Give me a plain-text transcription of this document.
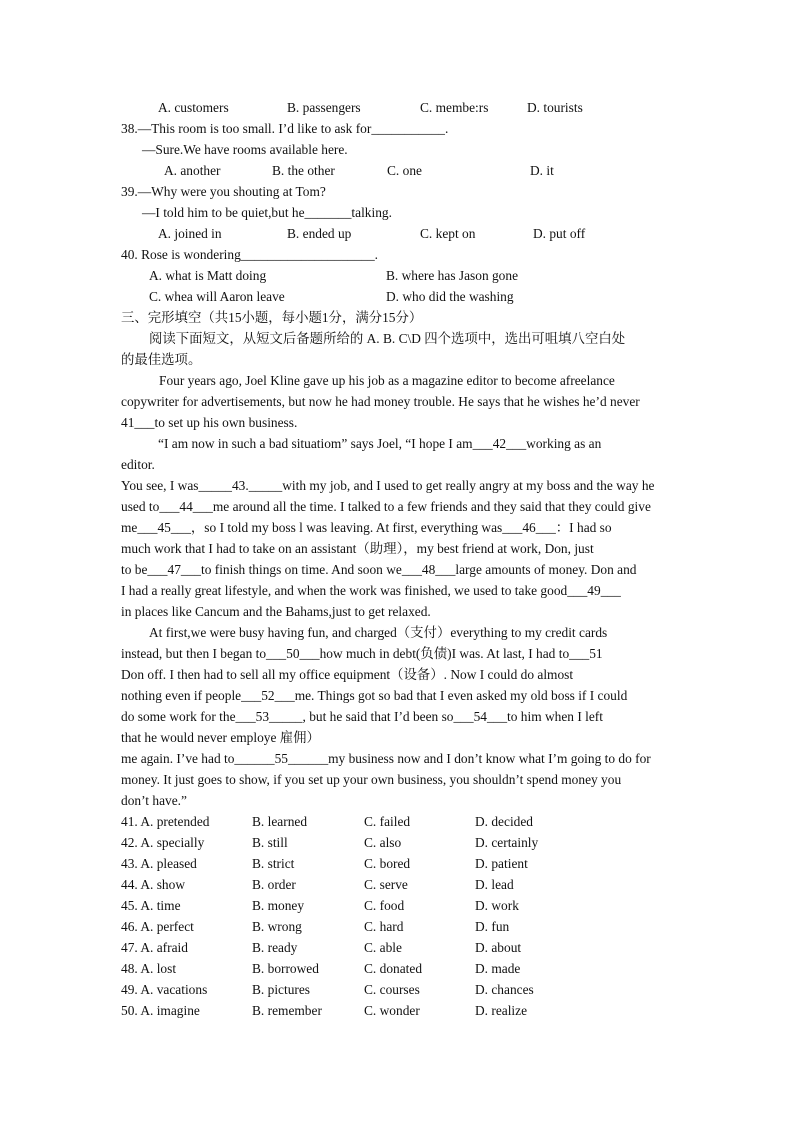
A. customers	B. passengers	C. membe:rs	D. tourists
38.—This room is too small. I’d like to ask for___________.
—Sure.We have rooms available here.
A. another	B. the other	C. one	D. it
39.—Why were you shouting at Tom?
—I told him to be quiet,but he_______talking.
A. joined in	B. ended up	C. kept on	D. put off
40. Rose is wondering____________________.
A. what is Matt doing	B. where has Jason gone
C. whea will Aaron leave	D. who did the washing
三、完形填空（共15小题，每小题1分，满分15分）
阅读下面短文，从短文后备题所给的 A. B. C\D 四个选项中，选出可咀填八空白处
的最佳选项。
Four years ago, Joel Kline gave up his job as a magazine editor to become afreelance
copywriter for advertisements, but now he had money trouble. He says that he wishes he’d never
41___to set up his own business.
“I am now in such a bad situatiom” says Joel, “I hope I am___42___working as an
editor.
You see, I was_____43._____with my job, and I used to get really angry at my boss and the way he
used to___44___me around all the time. I talked to a few friends and they said that they could give
me___45___，so I told my boss l was leaving. At first, everything was___46___：I had so
much work that I had to take on an assistant（助理），my best friend at work, Don, just
to be___47___to finish things on time. And soon we___48___large amounts of money. Don and
I had a really great lifestyle, and when the work was finished, we used to take good___49___
in places like Cancum and the Bahams,just to get relaxed.
At first,we were busy having fun, and charged（支付）everything to my credit cards
instead, but then I began to___50___how much in debt(负债)I was. At last, I had to___51
Don off. I then had to sell all my office equipment（设备）. Now I could do almost
nothing even if people___52___me. Things got so bad that I even asked my old boss if I could
do some work for the___53_____, but he said that I’d been so___54___to him when I left
that he would never employe 雇佣）
me again. I’ve had to______55______my business now and I don’t know what I’m going to do for
money. It just goes to show, if you set up your own business, you shouldn’t spend money you
don’t have.”
41. A. pretended	B. learned	C. failed	D. decided
42. A. specially	B. still	C. also	D. certainly
43. A. pleased	B. strict	C. bored	D. patient
44. A. show	B. order	C. serve	D. lead
45. A. time	B. money	C. food	D. work
46. A. perfect	B. wrong	C. hard	D. fun
47. A. afraid	B. ready	C. able	D. about
48. A. lost	B. borrowed	C. donated	D. made
49. A. vacations	B. pictures	C. courses	D. chances
50. A. imagine	B. remember	C. wonder	D. realize
